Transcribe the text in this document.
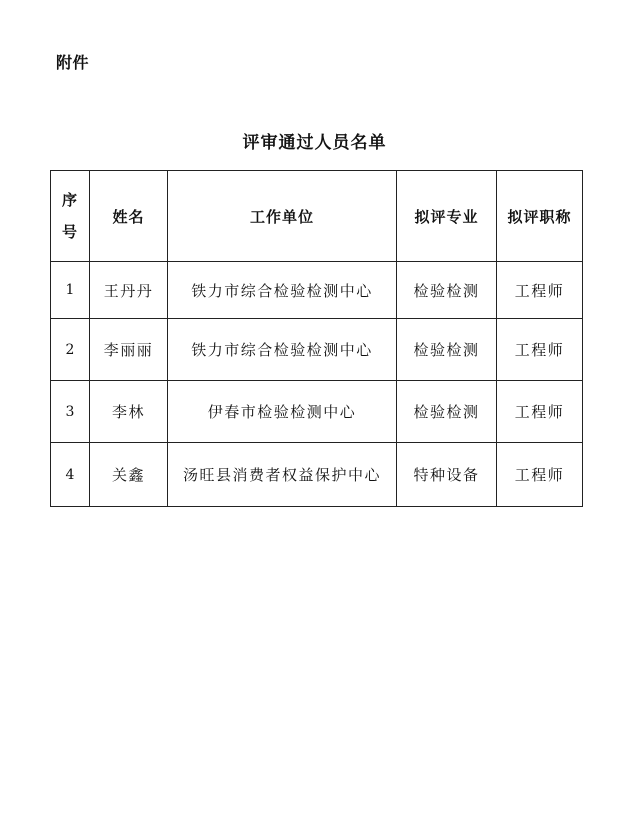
附件
评审通过人员名单
序
号	姓名	工作单位	拟评专业	拟评职称
1	王丹丹	铁力市综合检验检测中心	检验检测	工程师
2	李丽丽	铁力市综合检验检测中心	检验检测	工程师
3	李林	伊春市检验检测中心	检验检测	工程师
4	关鑫	汤旺县消费者权益保护中心	特种设备	工程师
